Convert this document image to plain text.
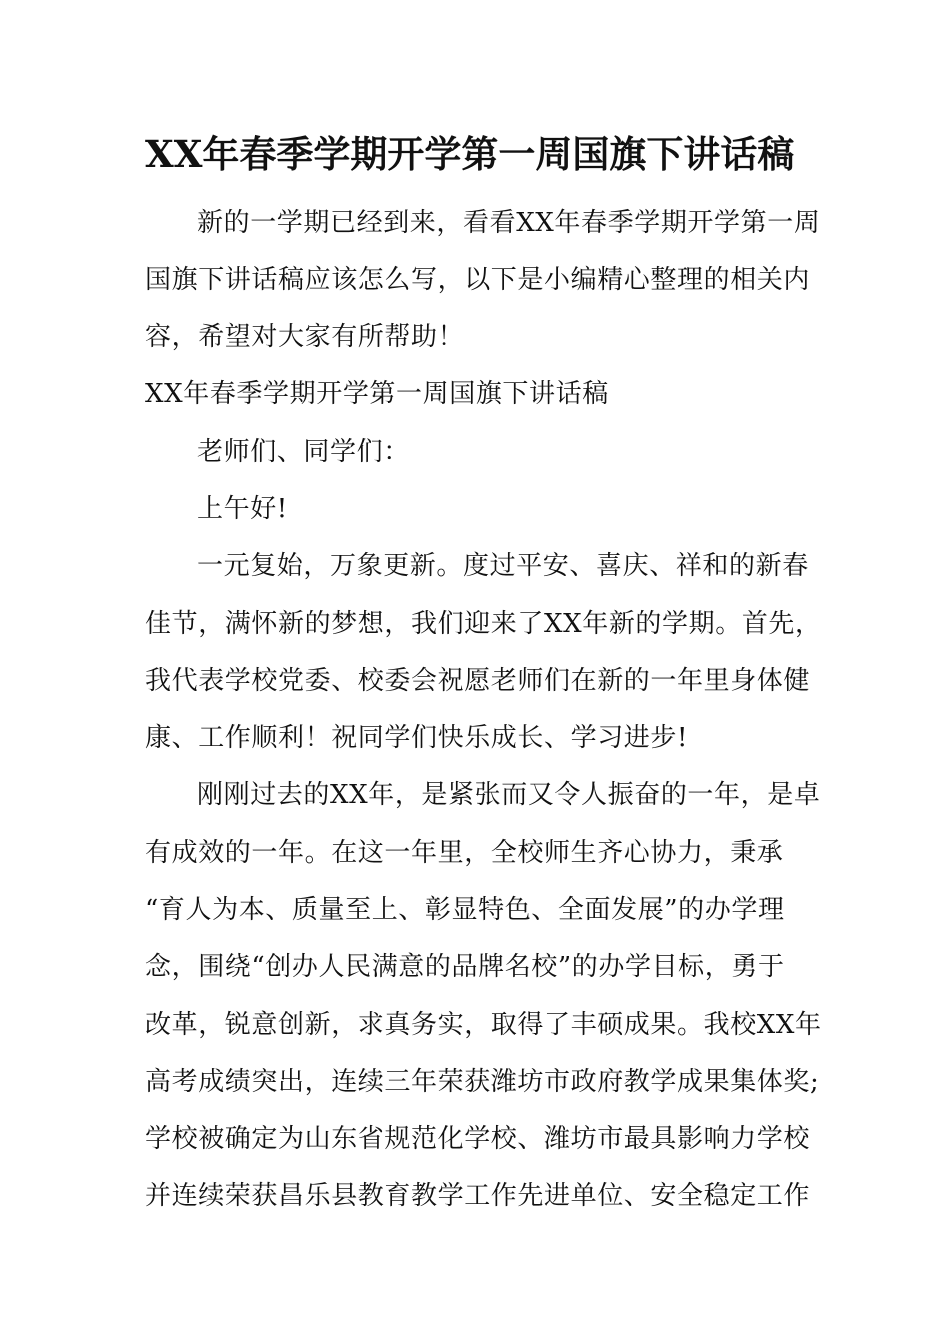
XX年春季学期开学第一周国旗下讲话稿
新的一学期已经到来，看看XX年春季学期开学第一周
国旗下讲话稿应该怎么写，以下是小编精心整理的相关内
容，希望对大家有所帮助！
XX年春季学期开学第一周国旗下讲话稿
老师们、同学们：
上午好!
一元复始，万象更新。度过平安、喜庆、祥和的新春
佳节，满怀新的梦想，我们迎来了XX年新的学期。首先，
我代表学校党委、校委会祝愿老师们在新的一年里身体健
康、工作顺利！祝同学们快乐成长、学习进步!
刚刚过去的XX年，是紧张而又令人振奋的一年，是卓
有成效的一年。在这一年里，全校师生齐心协力，秉承
“育人为本、质量至上、彰显特色、全面发展”的办学理
念，围绕“创办人民满意的品牌名校”的办学目标，勇于
改革，锐意创新，求真务实，取得了丰硕成果。我校XX年
高考成绩突出，连续三年荣获潍坊市政府教学成果集体奖;
学校被确定为山东省规范化学校、潍坊市最具影响力学校
并连续荣获昌乐县教育教学工作先进单位、安全稳定工作
